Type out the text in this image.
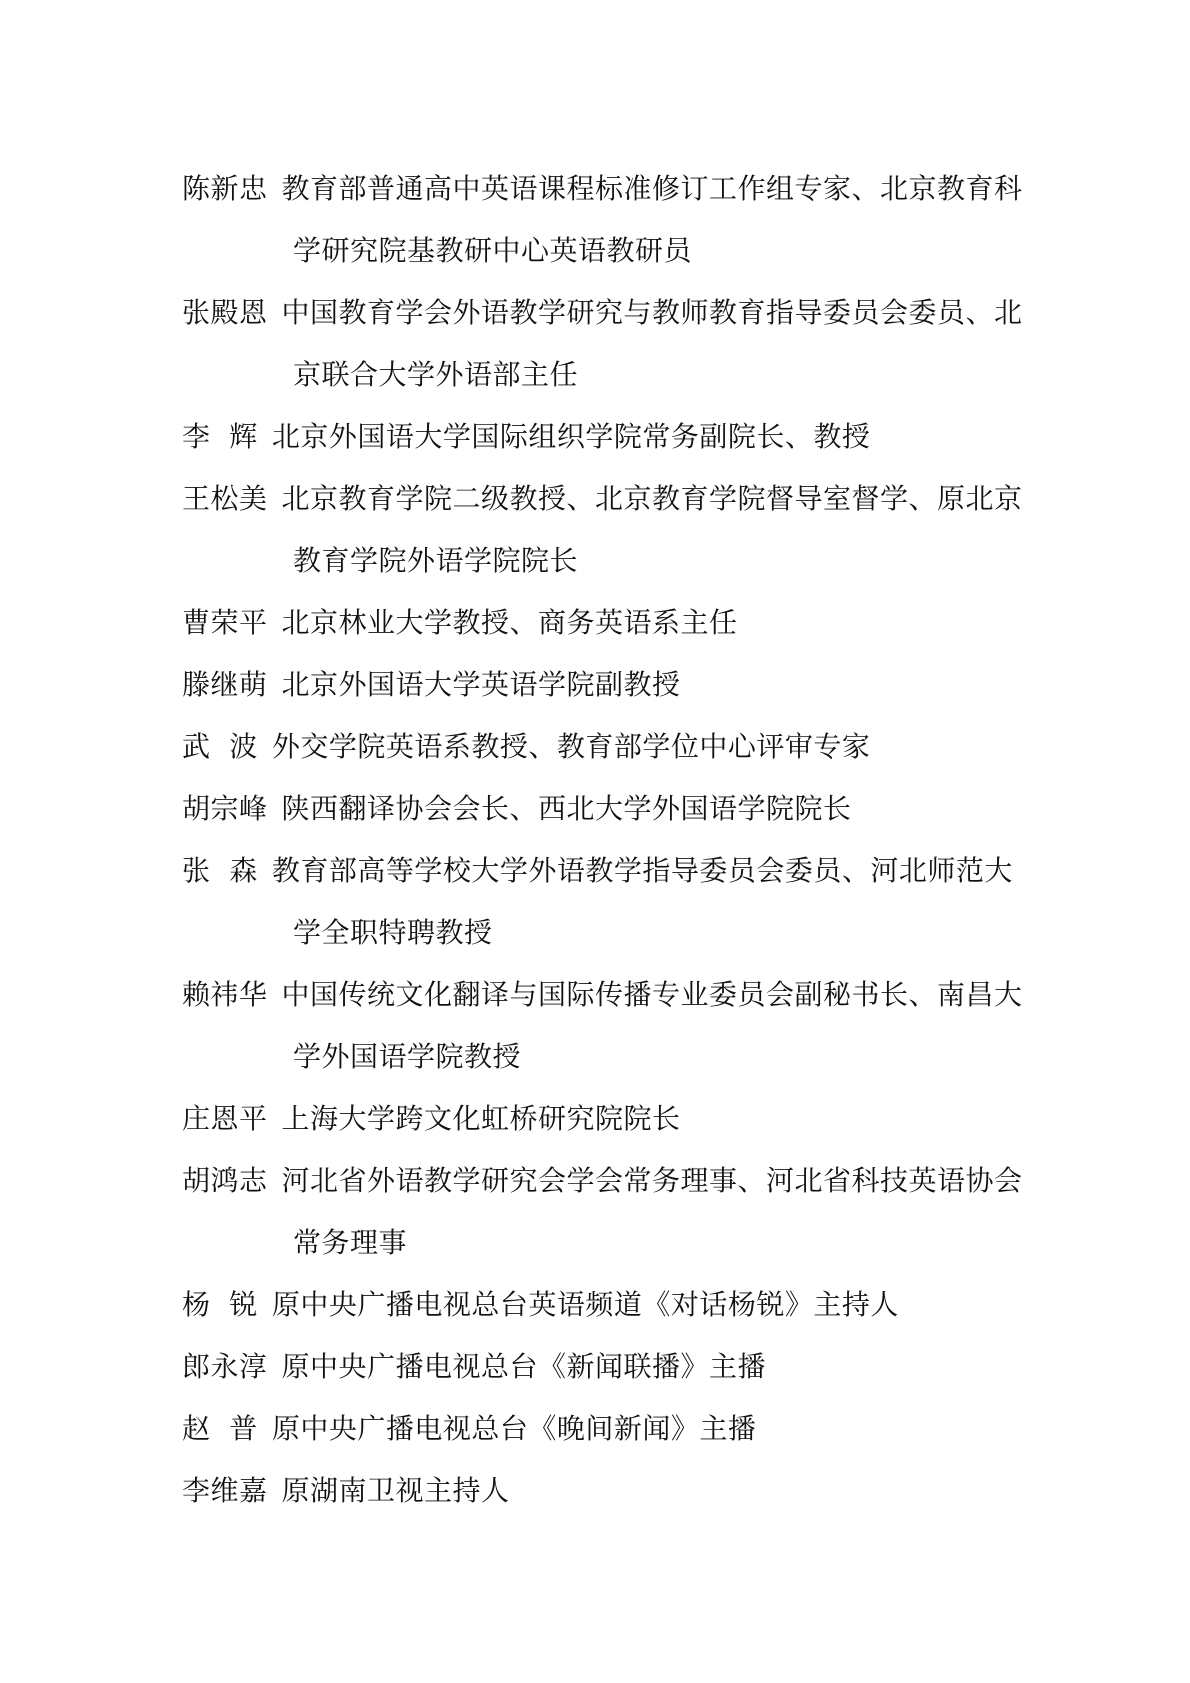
陈新忠 教育部普通高中英语课程标准修订工作组专家、北京教育科
学研究院基教研中心英语教研员
张殿恩 中国教育学会外语教学研究与教师教育指导委员会委员、北
京联合大学外语部主任
李  辉 北京外国语大学国际组织学院常务副院长、教授
王松美 北京教育学院二级教授、北京教育学院督导室督学、原北京
教育学院外语学院院长
曹荣平 北京林业大学教授、商务英语系主任
滕继萌 北京外国语大学英语学院副教授
武  波 外交学院英语系教授、教育部学位中心评审专家
胡宗峰 陕西翻译协会会长、西北大学外国语学院院长
张  森 教育部高等学校大学外语教学指导委员会委员、河北师范大
学全职特聘教授
赖祎华 中国传统文化翻译与国际传播专业委员会副秘书长、南昌大
学外国语学院教授
庄恩平 上海大学跨文化虹桥研究院院长
胡鸿志 河北省外语教学研究会学会常务理事、河北省科技英语协会
常务理事
杨  锐 原中央广播电视总台英语频道《对话杨锐》主持人
郎永淳 原中央广播电视总台《新闻联播》主播
赵  普 原中央广播电视总台《晚间新闻》主播
李维嘉 原湖南卫视主持人
